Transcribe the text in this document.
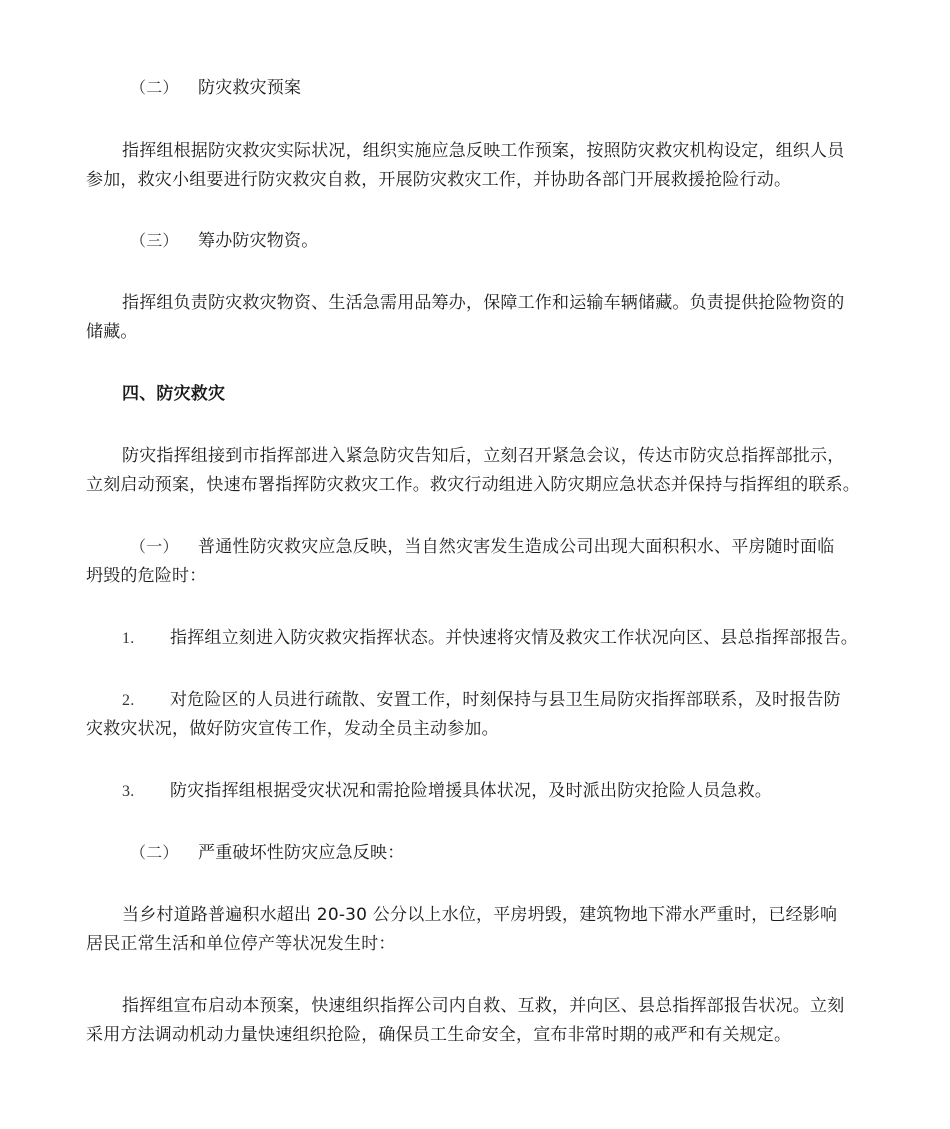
（二） 防灾救灾预案
指挥组根据防灾救灾实际状况，组织实施应急反映工作预案，按照防灾救灾机构设定，组织人员
参加，救灾小组要进行防灾救灾自救，开展防灾救灾工作，并协助各部门开展救援抢险行动。
（三） 筹办防灾物资。
指挥组负责防灾救灾物资、生活急需用品筹办，保障工作和运输车辆储藏。负责提供抢险物资的
储藏。
四、防灾救灾
防灾指挥组接到市指挥部进入紧急防灾告知后，立刻召开紧急会议，传达市防灾总指挥部批示，
立刻启动预案，快速布署指挥防灾救灾工作。救灾行动组进入防灾期应急状态并保持与指挥组的联系。
（一） 普通性防灾救灾应急反映，当自然灾害发生造成公司出现大面积积水、平房随时面临
坍毁的危险时：
1. 指挥组立刻进入防灾救灾指挥状态。并快速将灾情及救灾工作状况向区、县总指挥部报告。
2. 对危险区的人员进行疏散、安置工作，时刻保持与县卫生局防灾指挥部联系，及时报告防
灾救灾状况，做好防灾宣传工作，发动全员主动参加。
3. 防灾指挥组根据受灾状况和需抢险增援具体状况，及时派出防灾抢险人员急救。
（二） 严重破坏性防灾应急反映：
当乡村道路普遍积水超出 20-30 公分以上水位，平房坍毁，建筑物地下滞水严重时，已经影响
居民正常生活和单位停产等状况发生时：
指挥组宣布启动本预案，快速组织指挥公司内自救、互救，并向区、县总指挥部报告状况。立刻
采用方法调动机动力量快速组织抢险，确保员工生命安全，宣布非常时期的戒严和有关规定。
